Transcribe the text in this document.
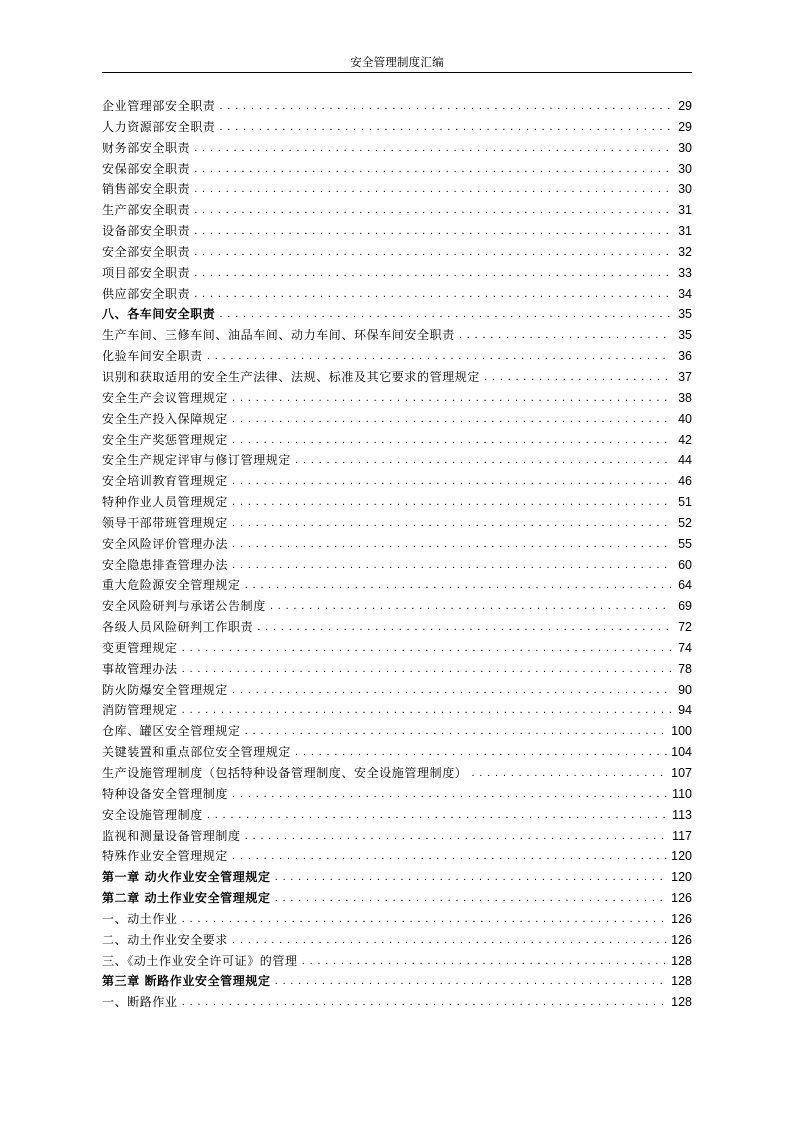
安全管理制度汇编
企业管理部安全职责 . . .	29
人力资源部安全职责 . . .	29
财务部安全职责 . . .	30
安保部安全职责 . . .	30
销售部安全职责 . . .	30
生产部安全职责 . . .	31
设备部安全职责 . . .	31
安全部安全职责 . . .	32
项目部安全职责 . . .	33
供应部安全职责 . . .	34
八、各车间安全职责 . . .	35
生产车间、三修车间、油品车间、动力车间、环保车间安全职责 . . .	35
化验车间安全职责 . . .	36
识别和获取适用的安全生产法律、法规、标准及其它要求的管理规定 . . .	37
安全生产会议管理规定 . . .	38
安全生产投入保障规定 . . .	40
安全生产奖惩管理规定 . . .	42
安全生产规定评审与修订管理规定 . . .	44
安全培训教育管理规定 . . .	46
特种作业人员管理规定 . . .	51
领导干部带班管理规定 . . .	52
安全风险评价管理办法 . . .	55
安全隐患排查管理办法 . . .	60
重大危险源安全管理规定 . . .	64
安全风险研判与承诺公告制度 . . .	69
各级人员风险研判工作职责 . . .	72
变更管理规定 . . .	74
事故管理办法 . . .	78
防火防爆安全管理规定 . . .	90
消防管理规定 . . .	94
仓库、罐区安全管理规定 . . .	100
关键装置和重点部位安全管理规定 . . .	104
生产设施管理制度（包括特种设备管理制度、安全设施管理制度） . . .	107
特种设备安全管理制度 . . .	110
安全设施管理制度 . . .	113
监视和测量设备管理制度 . . .	117
特殊作业安全管理规定 . . .	120
第一章 动火作业安全管理规定 . . .	120
第二章 动土作业安全管理规定 . . .	126
一、动土作业 . . .	126
二、动土作业安全要求 . . .	126
三、《动土作业安全许可证》的管理 . . .	128
第三章 断路作业安全管理规定 . . .	128
一、断路作业 . . .	128
